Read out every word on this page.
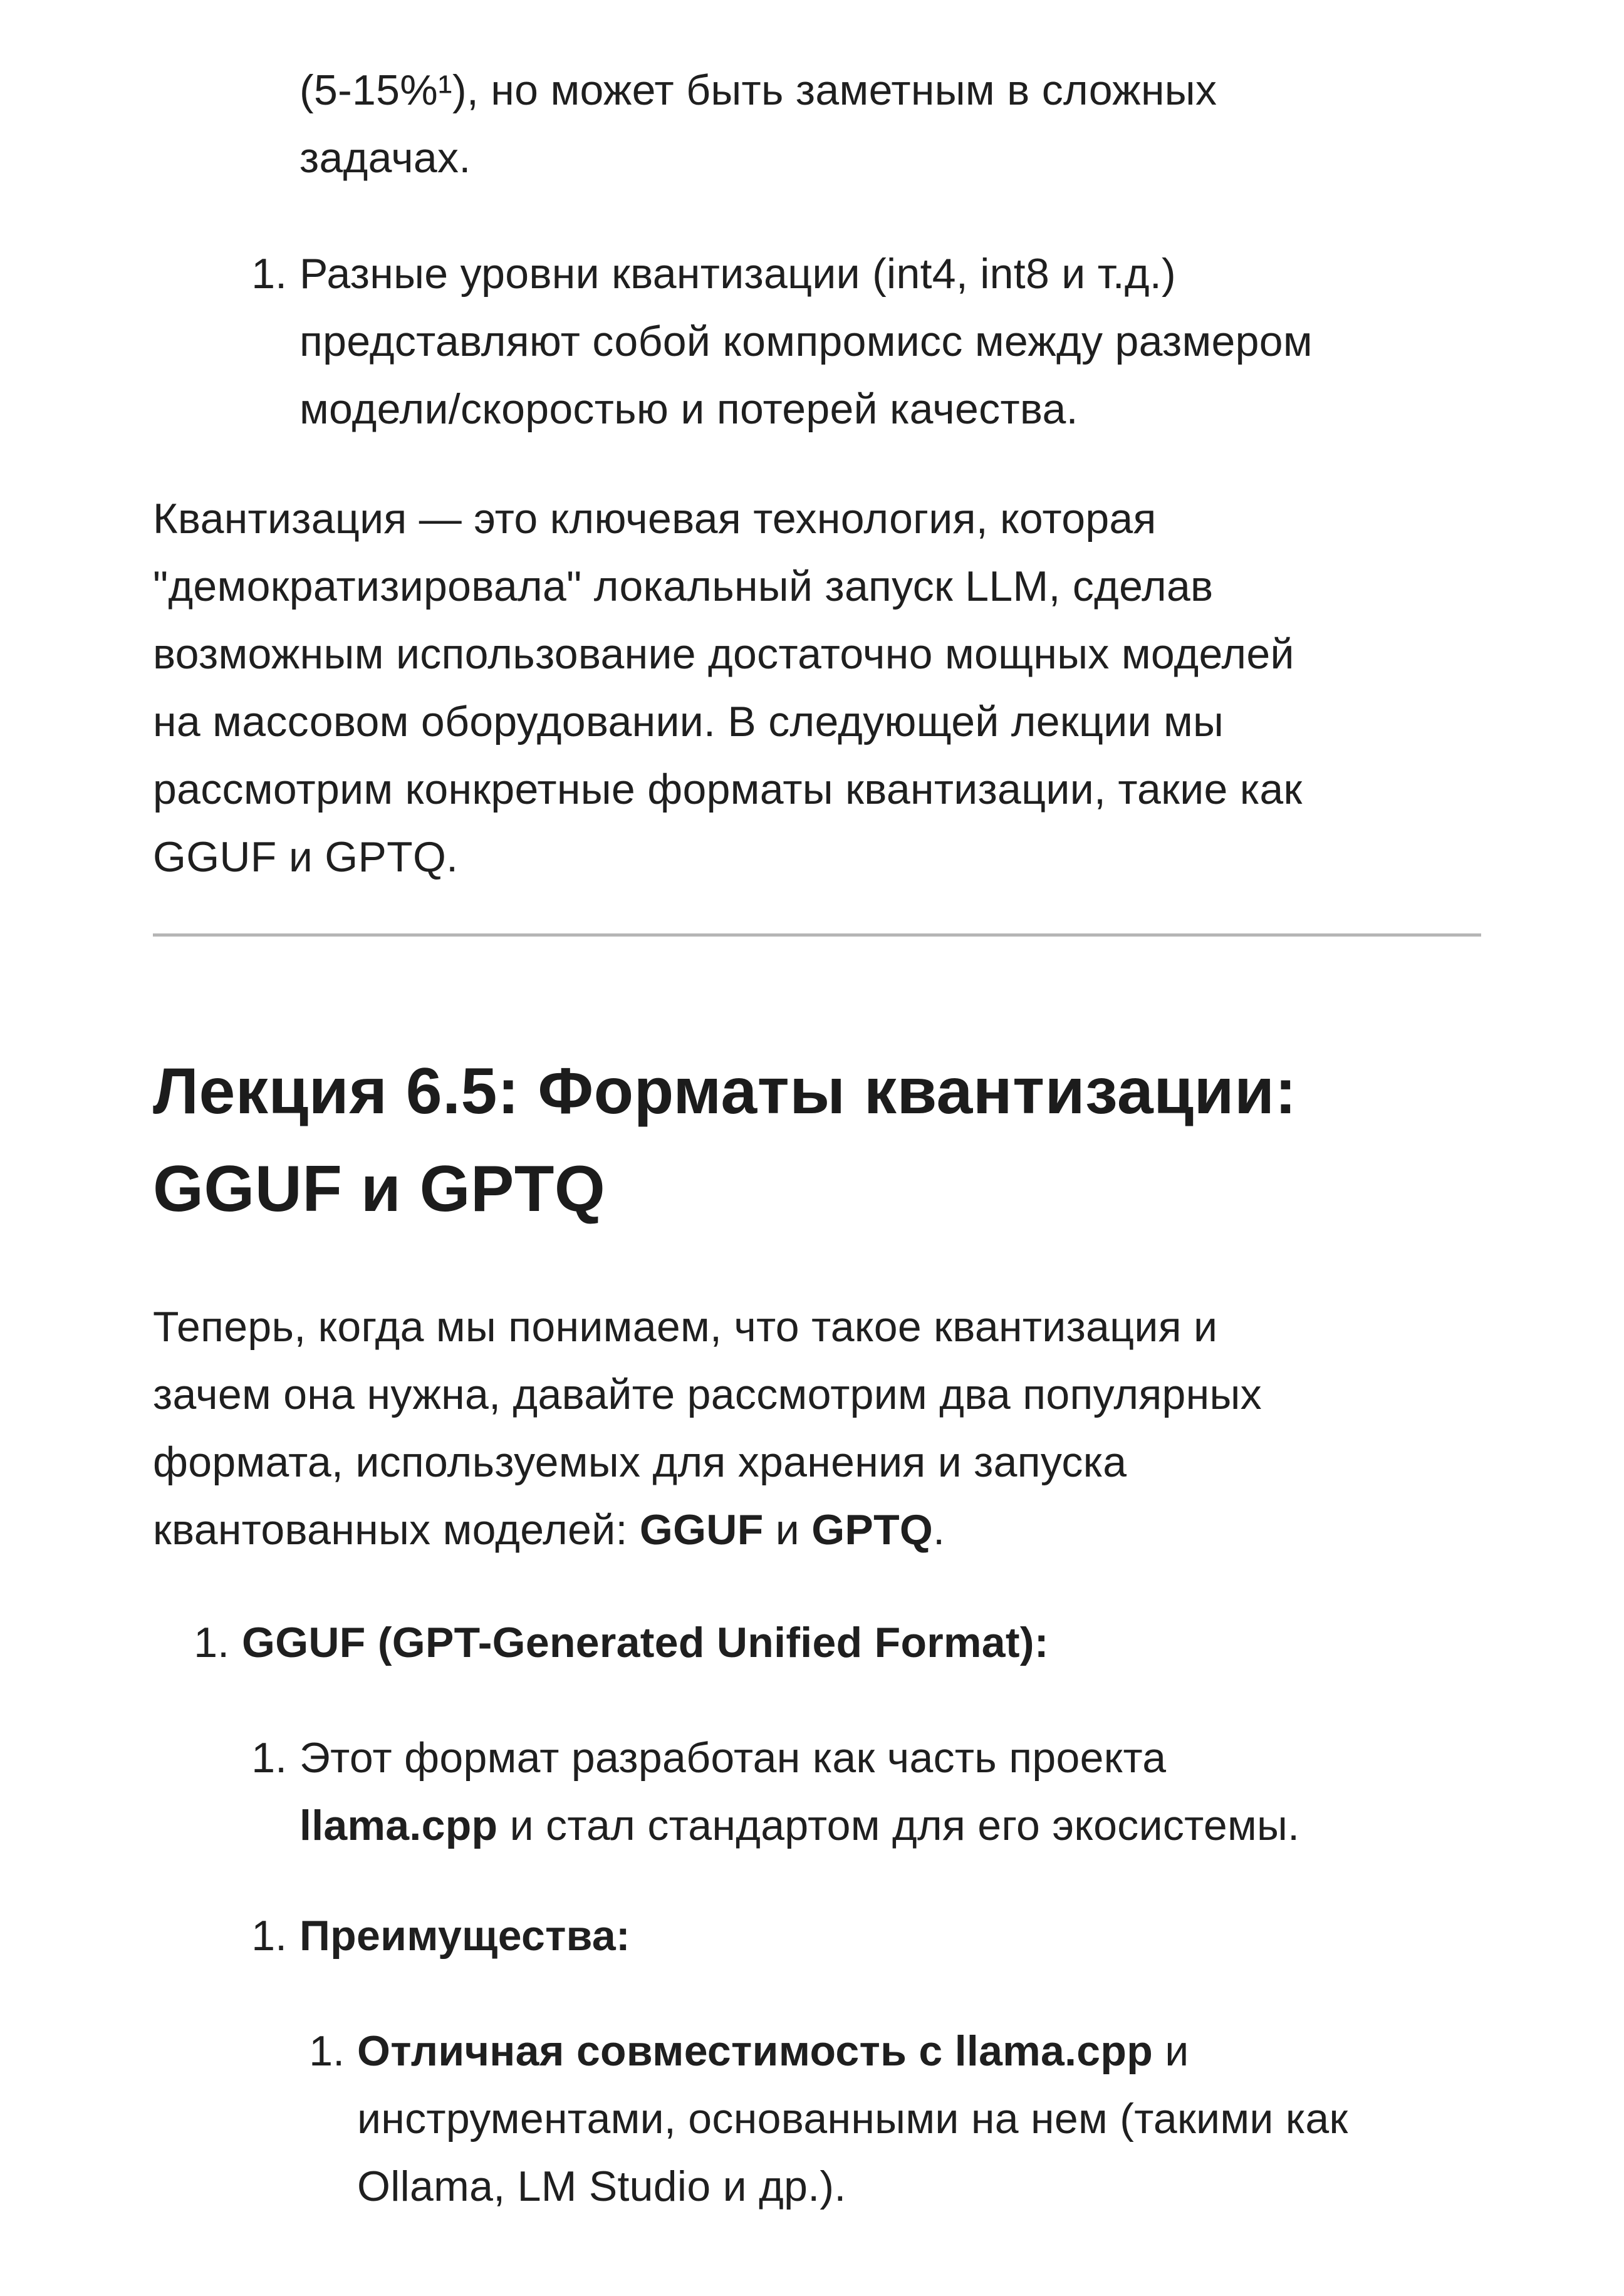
(5-15%¹), но может быть заметным в сложных
задачах.
1. Разные уровни квантизации (int4, int8 и т.д.)
представляют собой компромисс между размером
модели/скоростью и потерей качества.
Квантизация — это ключевая технология, которая
"демократизировала" локальный запуск LLM, сделав
возможным использование достаточно мощных моделей
на массовом оборудовании. В следующей лекции мы
рассмотрим конкретные форматы квантизации, такие как
GGUF и GPTQ.
Лекция 6.5: Форматы квантизации:
GGUF и GPTQ
Теперь, когда мы понимаем, что такое квантизация и
зачем она нужна, давайте рассмотрим два популярных
формата, используемых для хранения и запуска
квантованных моделей: GGUF и GPTQ.
1. GGUF (GPT-Generated Unified Format):
1. Этот формат разработан как часть проекта
llama.cpp и стал стандартом для его экосистемы.
1. Преимущества:
1. Отличная совместимость с llama.cpp и
инструментами, основанными на нем (такими как
Ollama, LM Studio и др.).
